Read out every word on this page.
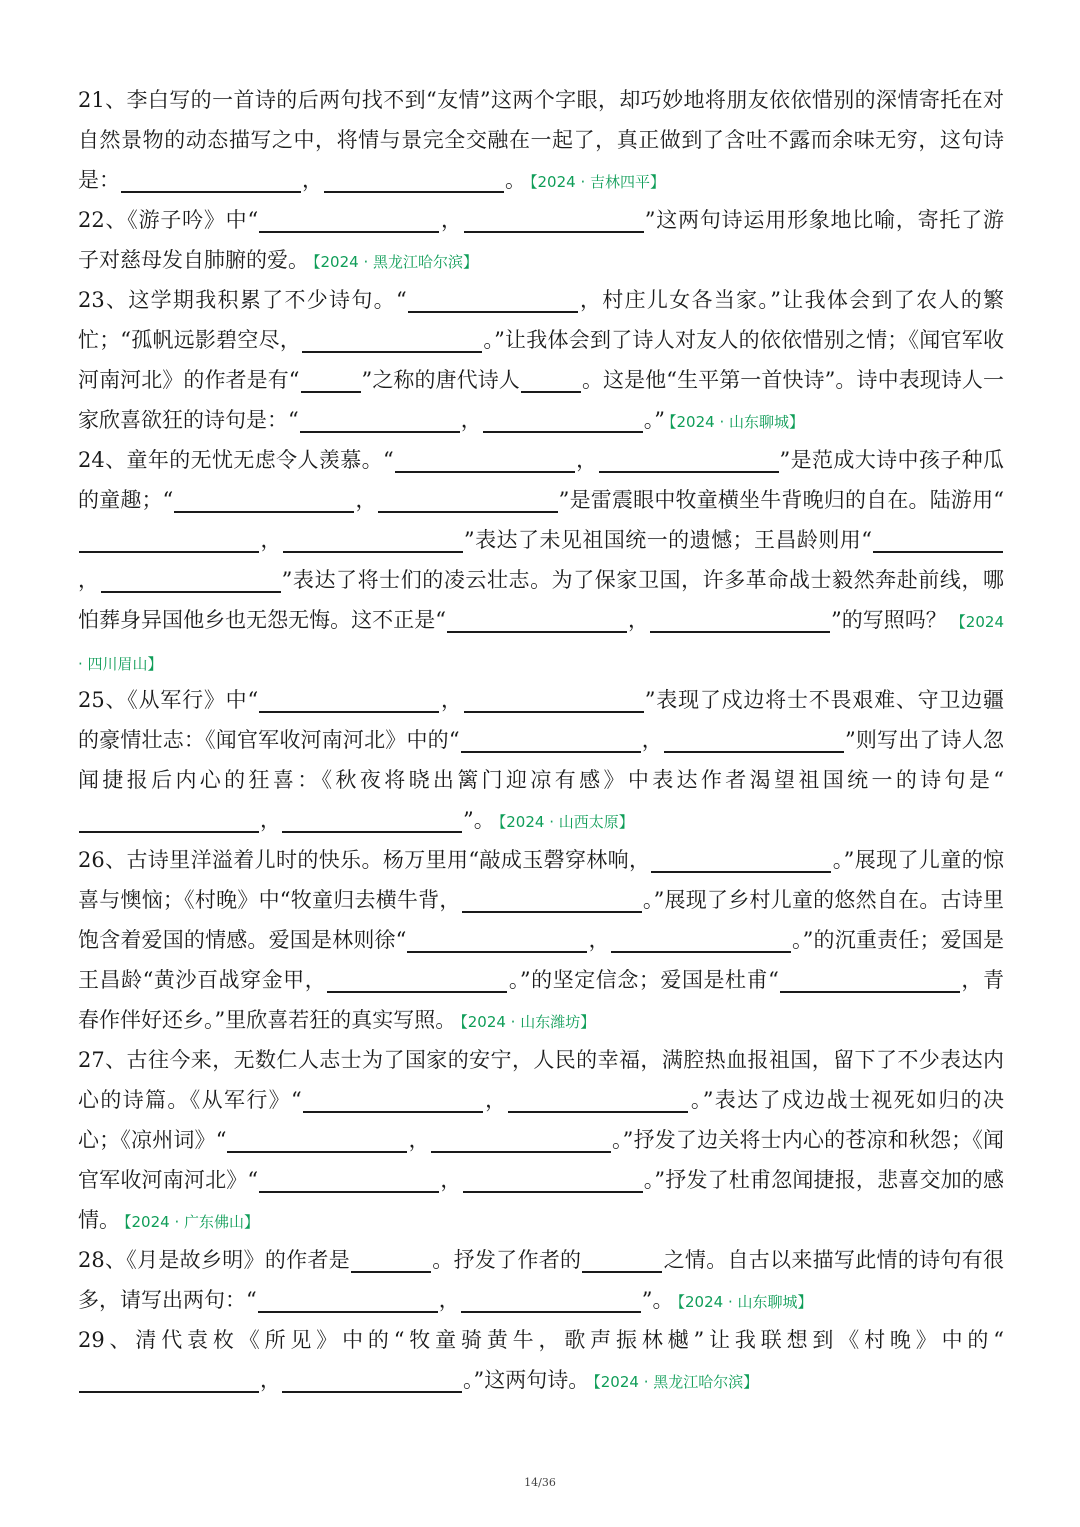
21、李白写的一首诗的后两句找不到“友情”这两个字眼，却巧妙地将朋友依依惜别的深情寄托在对自然景物的动态描写之中，将情与景完全交融在一起了，真正做到了含吐不露而余味无穷，这句诗是：	，	。 【2024 · 吉林四平】

22、《游子吟》中“	，	”这两句诗运用形象地比喻，寄托了游子对慈母发自肺腑的爱。 【2024 · 黑龙江哈尔滨】

23、这学期我积累了不少诗句。“	，村庄儿女各当家。”让我体会到了农人的繁忙；“孤帆远影碧空尽，	。”让我体会到了诗人对友人的依依惜别之情；《闻官军收河南河北》的作者是有“	”之称的唐代诗人	。这是他“生平第一首快诗”。诗中表现诗人一家欣喜欲狂的诗句是：“	，	。” 【2024 · 山东聊城】

24、童年的无忧无虑令人羡慕。“	，	”是范成大诗中孩子种瓜的童趣；“	，	”是雷震眼中牧童横坐牛背晚归的自在。陆游用“，	”表达了未见祖国统一的遗憾；王昌龄则用“，	”表达了将士们的凌云壮志。为了保家卫国，许多革命战士毅然奔赴前线，哪怕葬身异国他乡也无怨无悔。这不正是“	，	”的写照吗？ 【2024 · 四川眉山】

25、《从军行》中“	，	”表现了戍边将士不畏艰难、守卫边疆的豪情壮志：《闻官军收河南河北》中的“	，	”则写出了诗人忽闻捷报后内心的狂喜：《秋夜将晓出篱门迎凉有感》中表达作者渴望祖国统一的诗句是“，	”。 【2024 · 山西太原】

26、古诗里洋溢着儿时的快乐。杨万里用“敲成玉磬穿林响，	。”展现了儿童的惊喜与懊恼；《村晚》中“牧童归去横牛背，	。”展现了乡村儿童的悠然自在。古诗里饱含着爱国的情感。爱国是林则徐“	，	。”的沉重责任；爱国是王昌龄“黄沙百战穿金甲，	。”的坚定信念；爱国是杜甫“	，青春作伴好还乡。”里欣喜若狂的真实写照。 【2024 · 山东潍坊】

27、古往今来，无数仁人志士为了国家的安宁，人民的幸福，满腔热血报祖国，留下了不少表达内心的诗篇。《从军行》“	，	。”表达了戍边战士视死如归的决心；《凉州词》“	，	。”抒发了边关将士内心的苍凉和秋怨；《闻官军收河南河北》“	，	。”抒发了杜甫忽闻捷报，悲喜交加的感情。 【2024 · 广东佛山】

28、《月是故乡明》的作者是	。抒发了作者的	之情。自古以来描写此情的诗句有很多，请写出两句：“	，	”。 【2024 · 山东聊城】

29、清代袁枚《所见》中的“牧童骑黄牛，歌声振林樾”让我联想到《村晚》中的“，	。”这两句诗。 【2024 · 黑龙江哈尔滨】

14/36
